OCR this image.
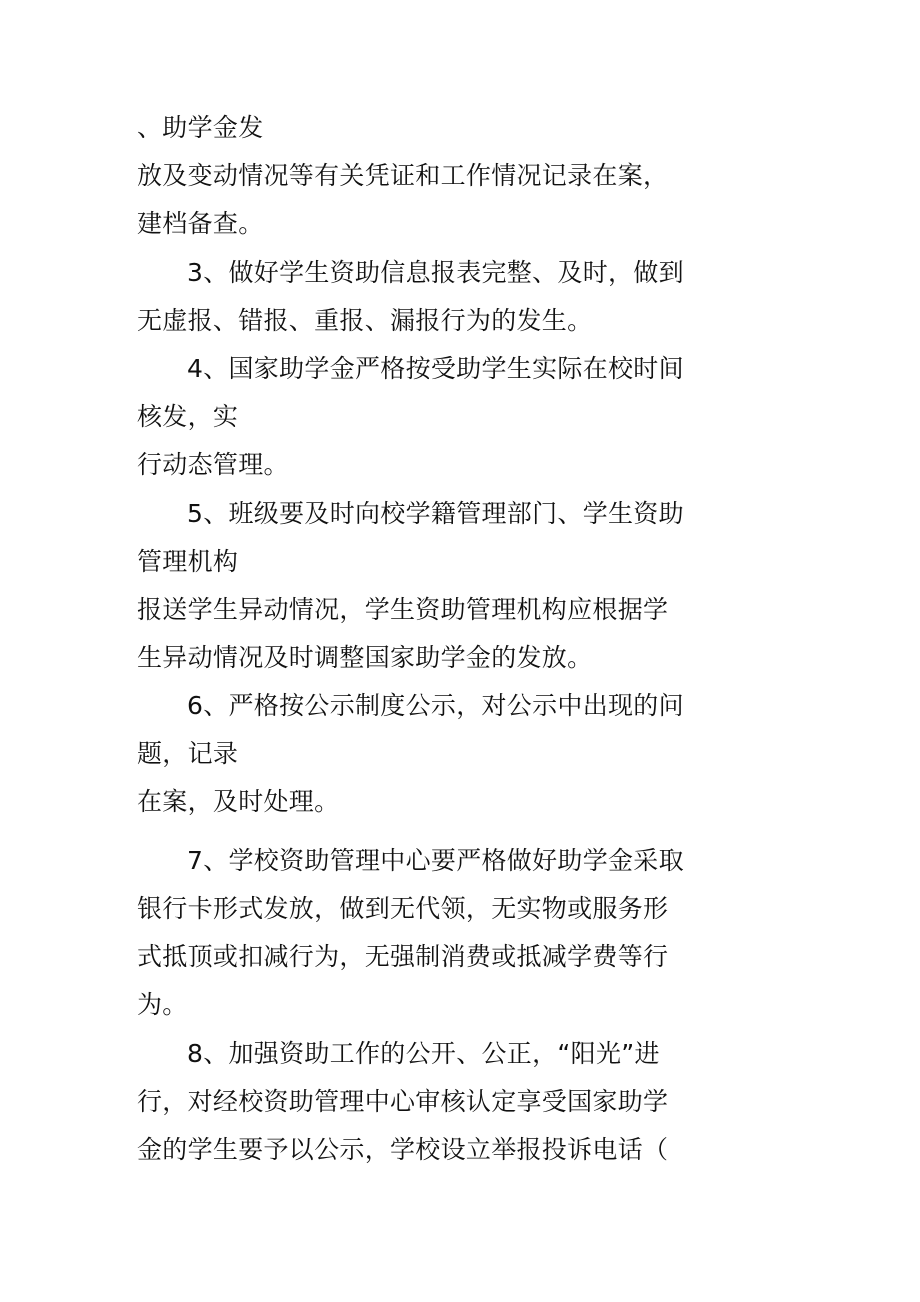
、助学金发

放及变动情况等有关凭证和工作情况记录在案，

建档备查。

3、做好学生资助信息报表完整、及时，做到

无虚报、错报、重报、漏报行为的发生。

4、国家助学金严格按受助学生实际在校时间

核发，实

行动态管理。

5、班级要及时向校学籍管理部门、学生资助

管理机构

报送学生异动情况，学生资助管理机构应根据学

生异动情况及时调整国家助学金的发放。

6、严格按公示制度公示，对公示中出现的问

题，记录

在案，及时处理。

7、学校资助管理中心要严格做好助学金采取

银行卡形式发放，做到无代领，无实物或服务形

式抵顶或扣减行为，无强制消费或抵减学费等行

为。

8、加强资助工作的公开、公正，“阳光”进

行，对经校资助管理中心审核认定享受国家助学

金的学生要予以公示，学校设立举报投诉电话（
